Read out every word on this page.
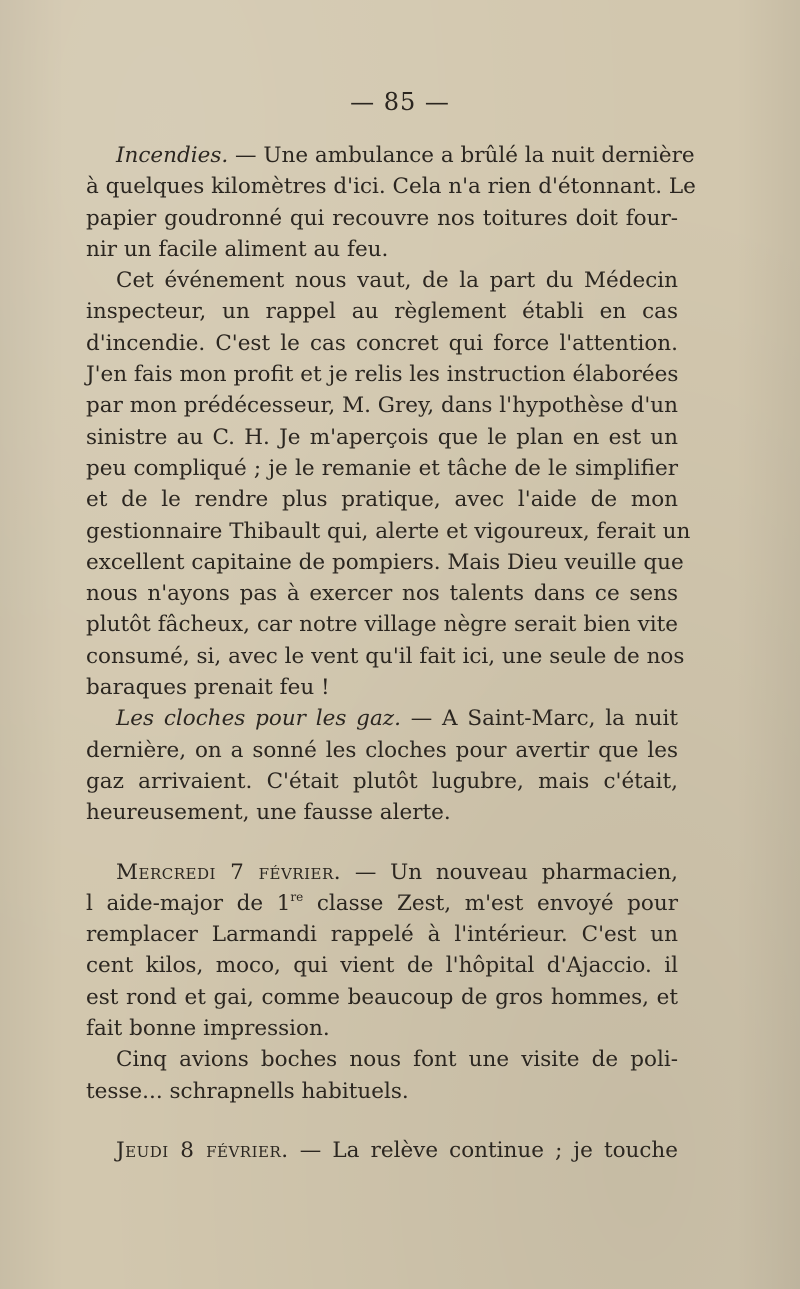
— 85 —
Incendies. — Une ambulance a brûlé la nuit dernière
à quelques kilomètres d'ici. Cela n'a rien d'étonnant. Le
papier goudronné qui recouvre nos toitures doit four-
nir un facile aliment au feu.
Cet événement nous vaut, de la part du Médecin
inspecteur, un rappel au règlement établi en cas
d'incendie. C'est le cas concret qui force l'attention.
J'en fais mon profit et je relis les instruction élaborées
par mon prédécesseur, M. Grey, dans l'hypothèse d'un
sinistre au C. H. Je m'aperçois que le plan en est un
peu compliqué ; je le remanie et tâche de le simplifier
et de le rendre plus pratique, avec l'aide de mon
gestionnaire Thibault qui, alerte et vigoureux, ferait un
excellent capitaine de pompiers. Mais Dieu veuille que
nous n'ayons pas à exercer nos talents dans ce sens
plutôt fâcheux, car notre village nègre serait bien vite
consumé, si, avec le vent qu'il fait ici, une seule de nos
baraques prenait feu !
Les cloches pour les gaz. — A Saint-Marc, la nuit
dernière, on a sonné les cloches pour avertir que les
gaz arrivaient. C'était plutôt lugubre, mais c'était,
heureusement, une fausse alerte.
Mercredi 7 février. — Un nouveau pharmacien,
l aide-major de 1re classe Zest, m'est envoyé pour
remplacer Larmandi rappelé à l'intérieur. C'est un
cent kilos, moco, qui vient de l'hôpital d'Ajaccio. il
est rond et gai, comme beaucoup de gros hommes, et
fait bonne impression.
Cinq avions boches nous font une visite de poli-
tesse... schrapnells habituels.
Jeudi 8 février. — La relève continue ; je touche
